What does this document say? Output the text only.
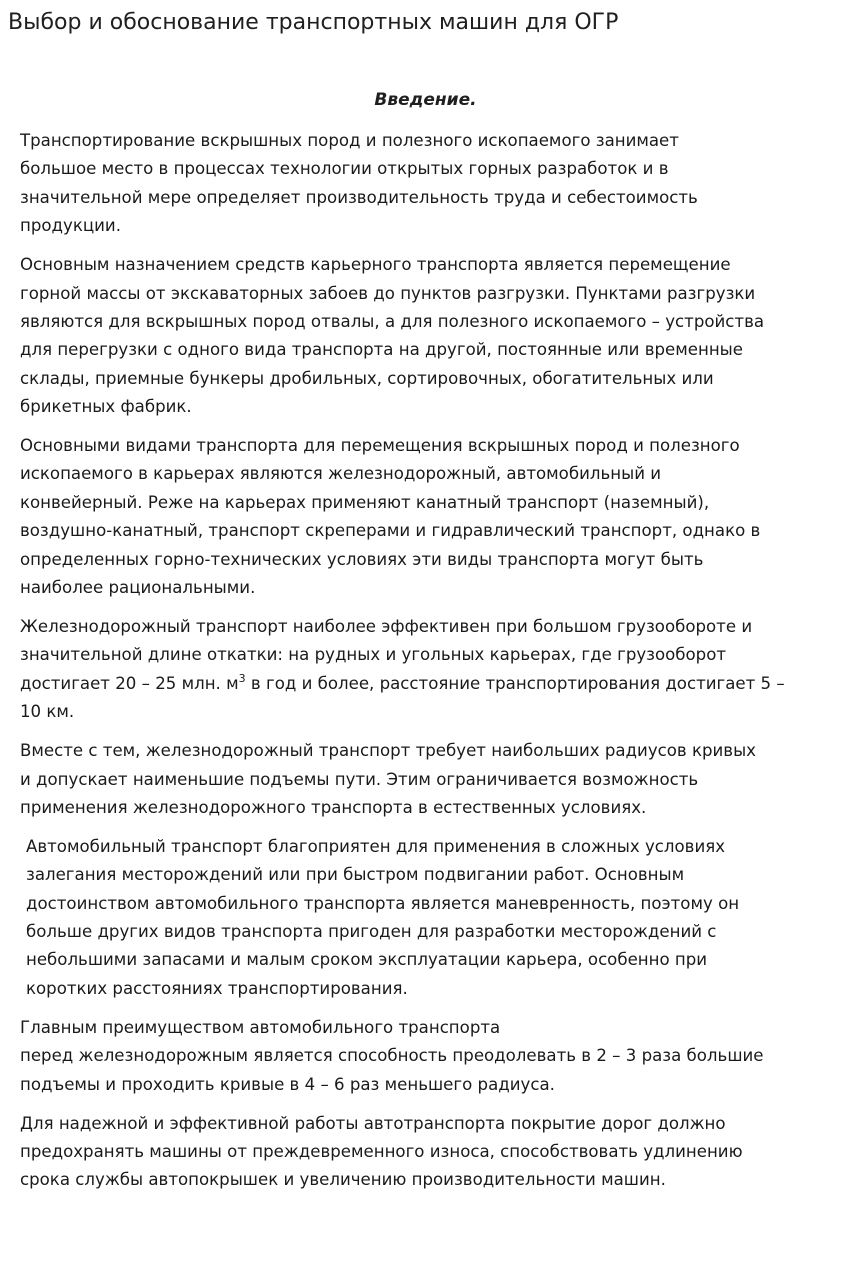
Выбор и обоснование транспортных машин для ОГР
Введение.

Транспортирование вскрышных пород и полезного ископаемого занимает
большое место в процессах технологии открытых горных разработок и в
значительной мере определяет производительность труда и себестоимость
продукции.

Основным назначением средств карьерного транспорта является перемещение
горной массы от экскаваторных забоев до пунктов разгрузки. Пунктами разгрузки
являются для вскрышных пород отвалы, а для полезного ископаемого – устройства
для перегрузки с одного вида транспорта на другой, постоянные или временные
склады, приемные бункеры дробильных, сортировочных, обогатительных или
брикетных фабрик.

Основными видами транспорта для перемещения вскрышных пород и полезного
ископаемого в карьерах являются железнодорожный, автомобильный и
конвейерный. Реже на карьерах применяют канатный транспорт (наземный),
воздушно-канатный, транспорт скреперами и гидравлический транспорт, однако в
определенных горно-технических условиях эти виды транспорта могут быть
наиболее рациональными.

Железнодорожный транспорт наиболее эффективен при большом грузообороте и
значительной длине откатки: на рудных и угольных карьерах, где грузооборот
достигает 20 – 25 млн. $м^3$ в год и более, расстояние транспортирования достигает 5 –
10 км.

Вместе с тем, железнодорожный транспорт требует наибольших радиусов кривых
и допускает наименьшие подъемы пути. Этим ограничивается возможность
применения железнодорожного транспорта в естественных условиях.

Автомобильный транспорт благоприятен для применения в сложных условиях
залегания месторождений или при быстром подвигании работ. Основным
достоинством автомобильного транспорта является маневренность, поэтому он
больше других видов транспорта пригоден для разработки месторождений с
небольшими запасами и малым сроком эксплуатации карьера, особенно при
коротких расстояниях транспортирования.

Главным преимуществом автомобильного транспорта
перед железнодорожным является способность преодолевать в 2 – 3 раза большие
подъемы и проходить кривые в 4 – 6 раз меньшего радиуса.

Для надежной и эффективной работы автотранспорта покрытие дорог должно
предохранять машины от преждевременного износа, способствовать удлинению
срока службы автопокрышек и увеличению производительности машин.
